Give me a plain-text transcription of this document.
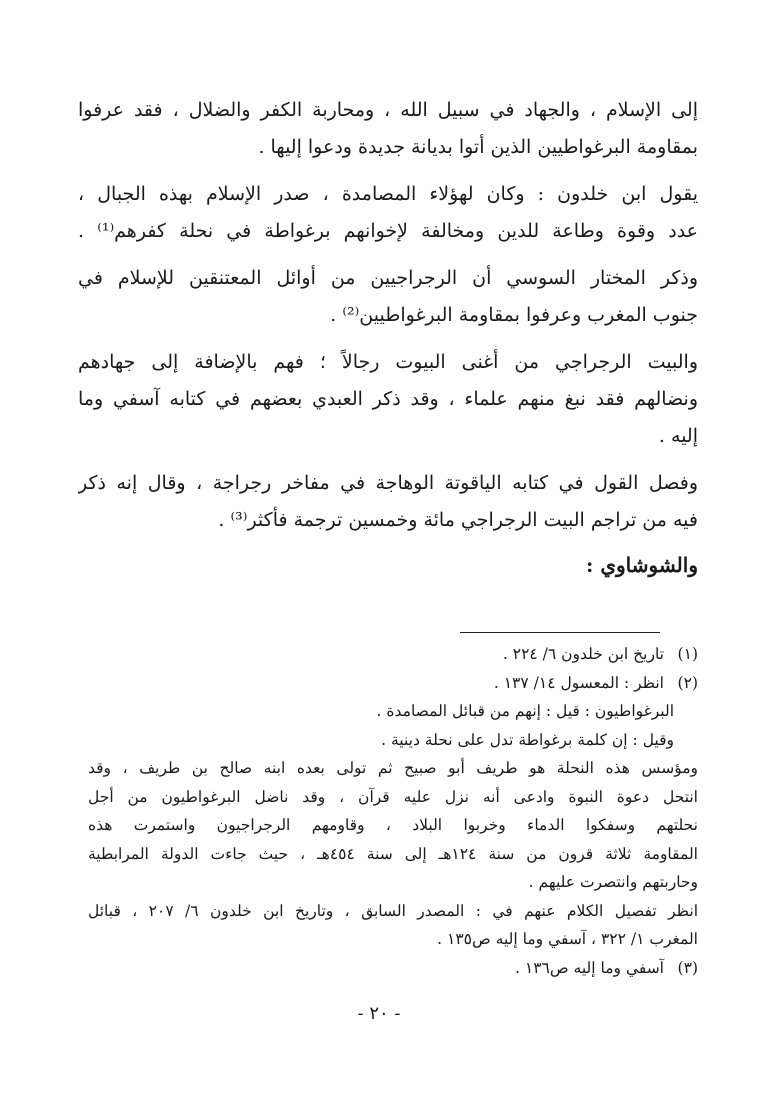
إلى الإسلام ، والجهاد في سبيل الله ، ومحاربة الكفر والضلال ، فقد عرفوا
بمقاومة البرغواطيين الذين أتوا بديانة جديدة ودعوا إليها .
يقول ابن خلدون : وكان لهؤلاء المصامدة ، صدر الإسلام بهذه الجبال ،
عدد وقوة وطاعة للدين ومخالفة لإخوانهم برغواطة في نحلة كفرهم⁽¹⁾ .
وذكر المختار السوسي أن الرجراجيين من أوائل المعتنقين للإسلام في
جنوب المغرب وعرفوا بمقاومة البرغواطيين⁽²⁾ .
والبيت الرجراجي من أغنى البيوت رجالاً ؛ فهم بالإضافة إلى جهادهم
ونضالهم فقد نبغ منهم علماء ، وقد ذكر العبدي بعضهم في كتابه آسفي وما
إليه .
وفصل القول في كتابه الياقوتة الوهاجة في مفاخر رجراجة ، وقال إنه ذكر
فيه من تراجم البيت الرجراجي مائة وخمسين ترجمة فأكثر⁽³⁾ .
والشوشاوي :
(١)تاريخ ابن خلدون ٦/ ٢٢٤ .
(٢)انظر : المعسول ١٤/ ١٣٧ .
البرغواطيون : قيل : إنهم من قبائل المصامدة .
وقيل : إن كلمة برغواطة تدل على نحلة دينية .
ومؤسس هذه النحلة هو طريف أبو صبيح ثم تولى بعده ابنه صالح بن طريف ، وقد
انتحل دعوة النبوة وادعى أنه نزل عليه قرآن ، وقد ناضل البرغواطيون من أجل
نحلتهم وسفكوا الدماء وخربوا البلاد ، وقاومهم الرجراجيون واستمرت هذه
المقاومة ثلاثة قرون من سنة ١٢٤هـ إلى سنة ٤٥٤هـ ، حيث جاءت الدولة المرابطية
وحاربتهم وانتصرت عليهم .
انظر تفصيل الكلام عنهم في : المصدر السابق ، وتاريخ ابن خلدون ٦/ ٢٠٧ ، قبائل
المغرب ١/ ٣٢٢ ، آسفي وما إليه ص١٣٥ .
(٣)آسفي وما إليه ص١٣٦ .
- ٢٠ -
